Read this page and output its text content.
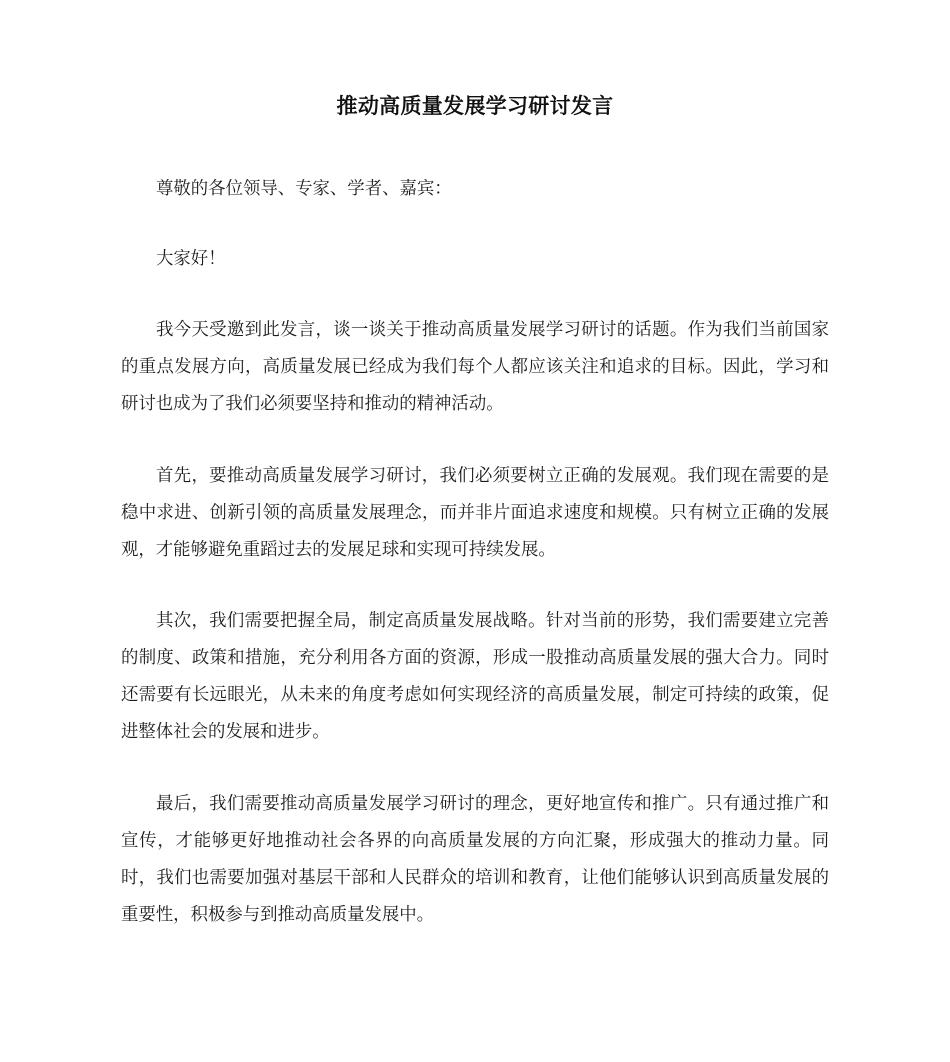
推动高质量发展学习研讨发言

尊敬的各位领导、专家、学者、嘉宾：

大家好！

我今天受邀到此发言，谈一谈关于推动高质量发展学习研讨的话题。作为我们当前国家的重点发展方向，高质量发展已经成为我们每个人都应该关注和追求的目标。因此，学习和研讨也成为了我们必须要坚持和推动的精神活动。

首先，要推动高质量发展学习研讨，我们必须要树立正确的发展观。我们现在需要的是稳中求进、创新引领的高质量发展理念，而并非片面追求速度和规模。只有树立正确的发展观，才能够避免重蹈过去的发展足球和实现可持续发展。

其次，我们需要把握全局，制定高质量发展战略。针对当前的形势，我们需要建立完善的制度、政策和措施，充分利用各方面的资源，形成一股推动高质量发展的强大合力。同时还需要有长远眼光，从未来的角度考虑如何实现经济的高质量发展，制定可持续的政策，促进整体社会的发展和进步。

最后，我们需要推动高质量发展学习研讨的理念，更好地宣传和推广。只有通过推广和宣传，才能够更好地推动社会各界的向高质量发展的方向汇聚，形成强大的推动力量。同时，我们也需要加强对基层干部和人民群众的培训和教育，让他们能够认识到高质量发展的重要性，积极参与到推动高质量发展中。
